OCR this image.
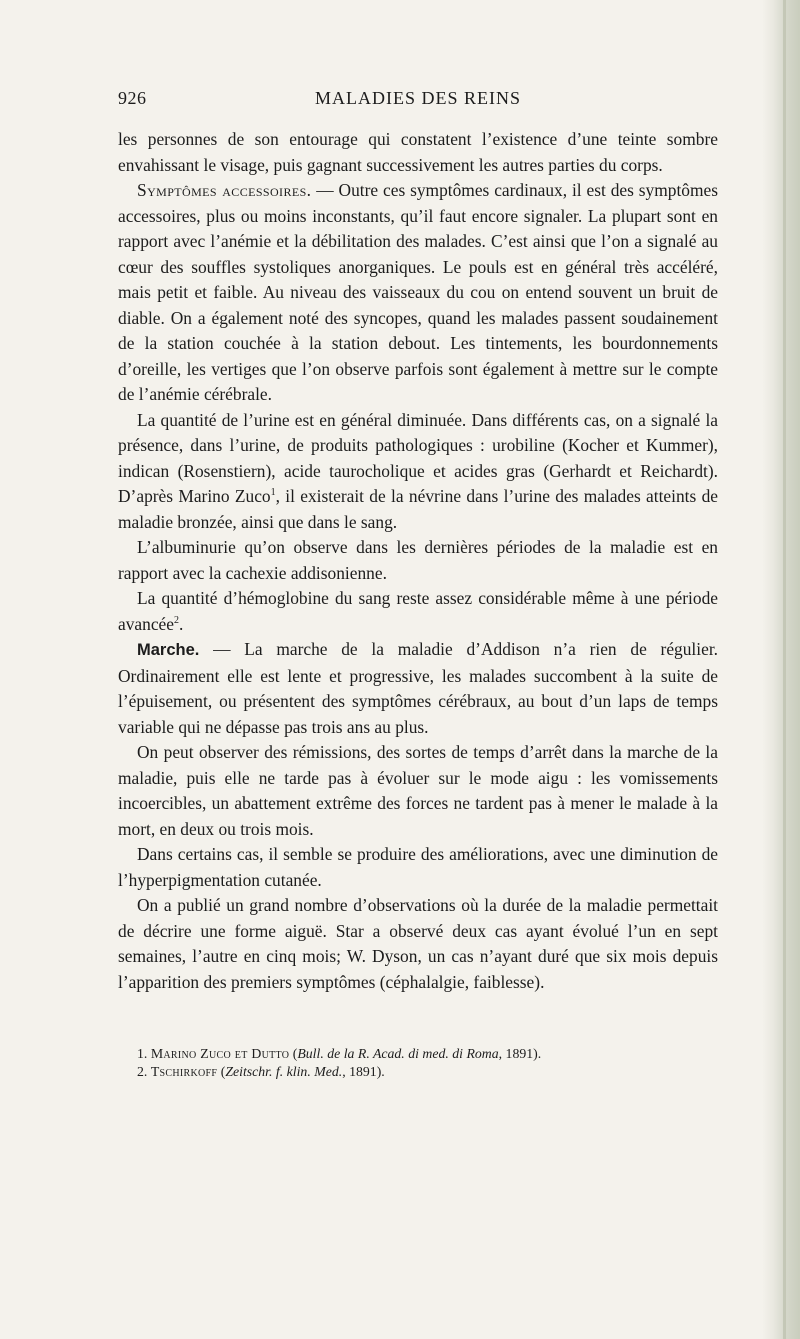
MALADIES DES REINS
926

les personnes de son entourage qui constatent l’existence d’une teinte sombre envahissant le visage, puis gagnant successivement les autres parties du corps.

Symptômes accessoires. — Outre ces symptômes cardinaux, il est des symptômes accessoires, plus ou moins inconstants, qu’il faut encore signaler. La plupart sont en rapport avec l’anémie et la débilitation des malades. C’est ainsi que l’on a signalé au cœur des souffles systoliques anorganiques. Le pouls est en général très accéléré, mais petit et faible. Au niveau des vaisseaux du cou on entend souvent un bruit de diable. On a également noté des syncopes, quand les malades passent soudainement de la station couchée à la station debout. Les tintements, les bourdonnements d’oreille, les vertiges que l’on observe parfois sont également à mettre sur le compte de l’anémie cérébrale.

La quantité de l’urine est en général diminuée. Dans différents cas, on a signalé la présence, dans l’urine, de produits pathologiques : urobiline (Kocher et Kummer), indican (Rosenstiern), acide taurocholique et acides gras (Gerhardt et Reichardt). D’après Marino Zuco$^1$, il existerait de la névrine dans l’urine des malades atteints de maladie bronzée, ainsi que dans le sang.

L’albuminurie qu’on observe dans les dernières périodes de la maladie est en rapport avec la cachexie addisonienne.

La quantité d’hémoglobine du sang reste assez considérable même à une période avancée$^2$.

Marche. — La marche de la maladie d’Addison n’a rien de régulier. Ordinairement elle est lente et progressive, les malades succombent à la suite de l’épuisement, ou présentent des symptômes cérébraux, au bout d’un laps de temps variable qui ne dépasse pas trois ans au plus.

On peut observer des rémissions, des sortes de temps d’arrêt dans la marche de la maladie, puis elle ne tarde pas à évoluer sur le mode aigu : les vomissements incoercibles, un abattement extrême des forces ne tardent pas à mener le malade à la mort, en deux ou trois mois.

Dans certains cas, il semble se produire des améliorations, avec une diminution de l’hyperpigmentation cutanée.

On a publié un grand nombre d’observations où la durée de la maladie permettait de décrire une forme aiguë. Star a observé deux cas ayant évolué l’un en sept semaines, l’autre en cinq mois; W. Dyson, un cas n’ayant duré que six mois depuis l’apparition des premiers symptômes (céphalalgie, faiblesse).

1. Marino Zuco et Dutto (Bull. de la R. Acad. di med. di Roma, 1891).
2. Tschirkoff (Zeitschr. f. klin. Med., 1891).
